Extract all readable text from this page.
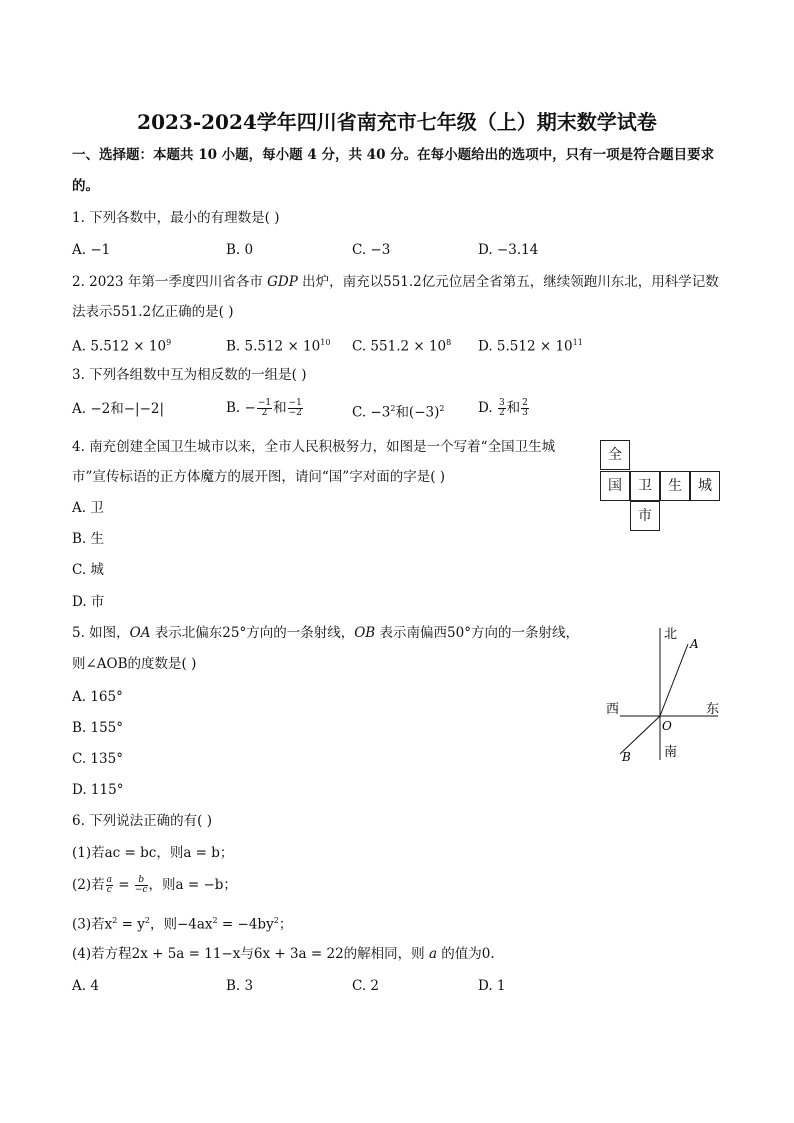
2023-2024学年四川省南充市七年级（上）期末数学试卷
一、选择题：本题共 10 小题，每小题 4 分，共 40 分。在每小题给出的选项中，只有一项是符合题目要求
的。
1. 下列各数中，最小的有理数是( )
A. −1	B. 0	C. −3	D. −3.14
2. 2023 年第一季度四川省各市 GDP 出炉，南充以551.2亿元位居全省第五，继续领跑川东北，用科学记数
法表示551.2亿正确的是( )
A. $5.512 \times 10^9$	B. $5.512 \times 10^{10}$ C. $551.2 \times 10^8$ D. $5.512 \times 10^{11}$
3. 下列各组数中互为相反数的一组是( )
A. −2和−|−2|	B. − $\frac{-1}{2}$ 和 $\frac{-1}{-2}$	C. $-3^2$和$(-3)^2$ D. $\frac{3}{2}$ 和 $\frac{2}{3}$
4. 南充创建全国卫生城市以来，全市人民积极努力，如图是一个写着“全国卫生城
市”宣传标语的正方体魔方的展开图，请问“国”字对面的字是( )
A. 卫
B. 生
C. 城
D. 市
全
国	卫	生	城
市
5. 如图，OA 表示北偏东25°方向的一条射线，OB 表示南偏西50°方向的一条射线，
则∠AOB的度数是( )
A. 165°
B. 155°
C. 135°
D. 115°
北
南
西	东
A
B
O
6. 下列说法正确的有( )
(1)若ac = bc，则a = b；
(2)若 $\frac{a}{c} = \frac{b}{-c}$ ，则a = −b；
(3)若$x^2 = y^2$，则$-4ax^2 = -4by^2$；
(4)若方程2x + 5a = 11−x与6x + 3a = 22的解相同，则 a 的值为0.
A. 4	B. 3	C. 2	D. 1
